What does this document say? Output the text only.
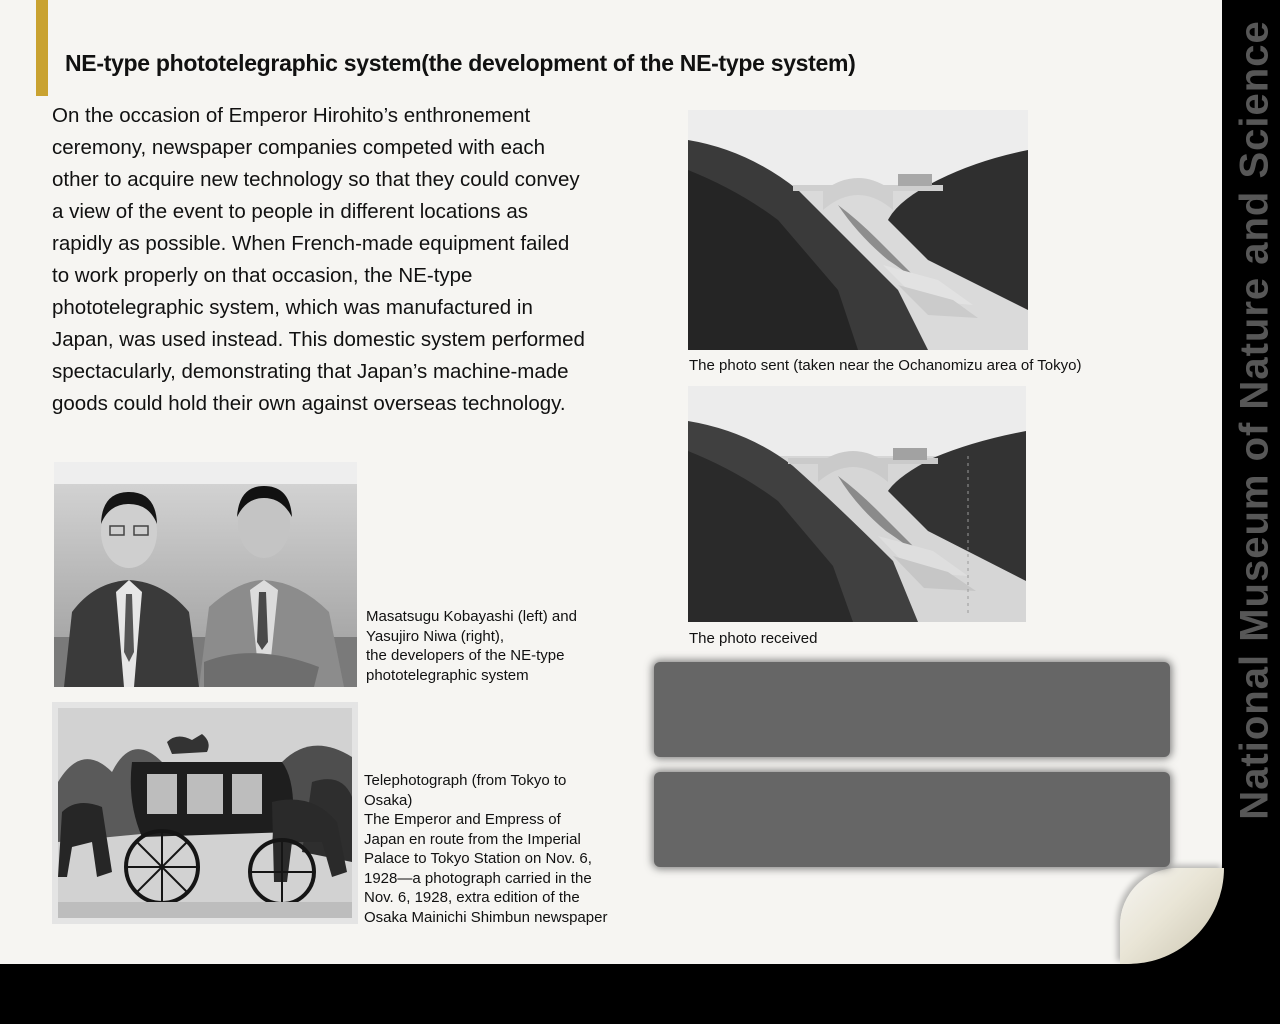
NE-type phototelegraphic system(the development of the NE-type system)

On the occasion of Emperor Hirohito’s enthronement ceremony, newspaper companies competed with each other to acquire new technology so that they could convey a view of the event to people in different locations as rapidly as possible. When French-made equipment failed to work properly on that occasion, the NE-type phototelegraphic system, which was manufactured in Japan, was used instead. This domestic system performed spectacularly, demonstrating that Japan’s machine-made goods could hold their own against overseas technology.

Masatsugu Kobayashi (left) and
Yasujiro Niwa (right),
the developers of the NE-type
phototelegraphic system
Telephotograph (from Tokyo to
Osaka)
The Emperor and Empress of
Japan en route from the Imperial
Palace to Tokyo Station on Nov. 6,
1928—a photograph carried in the
Nov. 6, 1928, extra edition of the
Osaka Mainichi Shimbun newspaper
The photo sent (taken near the Ochanomizu area of Tokyo)
The photo received	National Museum of Nature and Science
